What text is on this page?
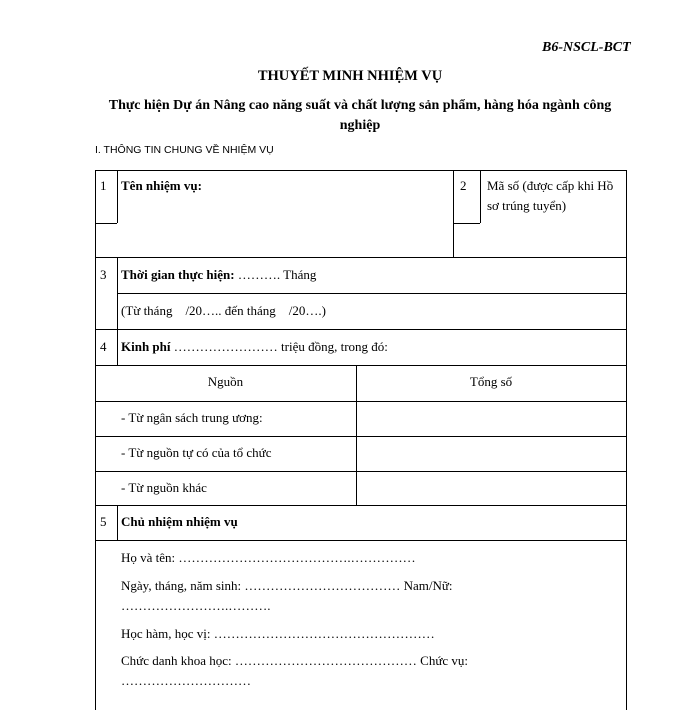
B6-NSCL-BCT
THUYẾT MINH NHIỆM VỤ
Thực hiện Dự án Nâng cao năng suất và chất lượng sản phẩm, hàng hóa ngành công nghiệp
I. THÔNG TIN CHUNG VỀ NHIỆM VỤ
1 Tên nhiệm vụ:	2 Mã số (được cấp khi Hồ sơ trúng tuyển)
3 Thời gian thực hiện: ………. Tháng
(Từ tháng    /20….. đến tháng    /20….)
4 Kinh phí …………………… triệu đồng, trong đó:
Nguồn	Tổng số
- Từ ngân sách trung ương:
- Từ nguồn tự có của tổ chức
- Từ nguồn khác
5 Chủ nhiệm nhiệm vụ
Họ và tên: ………………………………….……………
Ngày, tháng, năm sinh: ……………………………… Nam/Nữ:
…………………….……….
Học hàm, học vị: ……………………………………………
Chức danh khoa học: …………………………………… Chức vụ:
…………………………
